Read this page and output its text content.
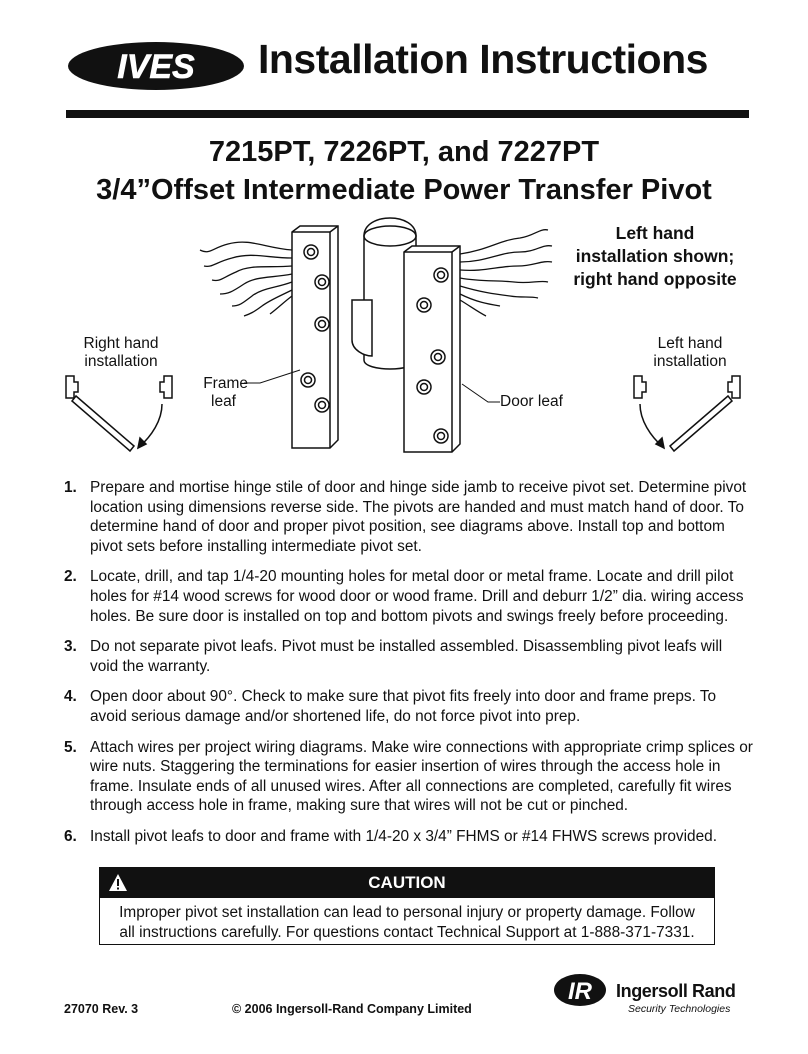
IVES Installation Instructions
7215PT, 7226PT, and 7227PT
3/4”Offset Intermediate Power Transfer Pivot
Left hand
installation shown;
right hand opposite
Right hand
installation
Left hand
installation
Frame
leaf	Door leaf
1. Prepare and mortise hinge stile of door and hinge side jamb to receive pivot set. Determine pivot location using dimensions reverse side. The pivots are handed and must match hand of door. To determine hand of door and proper pivot position, see diagrams above. Install top and bottom pivot sets before installing intermediate pivot set.
2. Locate, drill, and tap 1/4-20 mounting holes for metal door or metal frame. Locate and drill pilot holes for #14 wood screws for wood door or wood frame. Drill and deburr 1/2” dia. wiring access holes. Be sure door is installed on top and bottom pivots and swings freely before proceeding.
3. Do not separate pivot leafs. Pivot must be installed assembled. Disassembling pivot leafs will void the warranty.
4. Open door about 90°. Check to make sure that pivot fits freely into door and frame preps. To avoid serious damage and/or shortened life, do not force pivot into prep.
5. Attach wires per project wiring diagrams. Make wire connections with appropriate crimp splices or wire nuts. Staggering the terminations for easier insertion of wires through the access hole in frame. Insulate ends of all unused wires. After all connections are completed, carefully fit wires through access hole in frame, making sure that wires will not be cut or pinched.
6. Install pivot leafs to door and frame with 1/4-20 x 3/4” FHMS or #14 FHWS screws provided.
CAUTION
Improper pivot set installation can lead to personal injury or property damage. Follow
all instructions carefully. For questions contact Technical Support at 1-888-371-7331.
27070 Rev. 3	© 2006 Ingersoll-Rand Company Limited
IR Ingersoll Rand
Security Technologies
